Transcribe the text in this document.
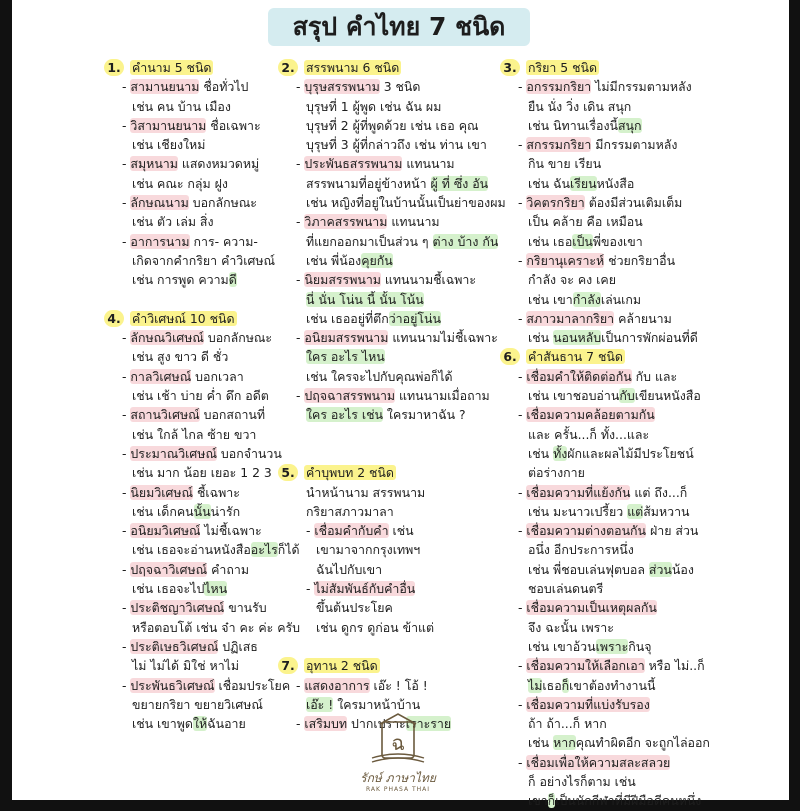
สรุป คำไทย 7 ชนิด
1. คำนาม 5 ชนิด
- สามานยนาม ชื่อทั่วไป
เช่น คน บ้าน เมือง
- วิสามานยนาม ชื่อเฉพาะ
เช่น เชียงใหม่
- สมุหนาม แสดงหมวดหมู่
เช่น คณะ กลุ่ม ฝูง
- ลักษณนาม บอกลักษณะ
เช่น ตัว เล่ม สิ่ง
- อาการนาม การ- ความ-
เกิดจากคำกริยา คำวิเศษณ์
เช่น การพูด ความดี
4. คำวิเศษณ์ 10 ชนิด
- ลักษณวิเศษณ์ บอกลักษณะ
เช่น สูง ขาว ดี ชั่ว
- กาลวิเศษณ์ บอกเวลา
เช่น เช้า บ่าย ค่ำ ดึก อดีต
- สถานวิเศษณ์ บอกสถานที่
เช่น ใกล้ ไกล ซ้าย ขวา
- ประมาณวิเศษณ์ บอกจำนวน
เช่น มาก น้อย เยอะ 1 2 3
- นิยมวิเศษณ์ ชี้เฉพาะ
เช่น เด็กคนนั้นน่ารัก
- อนิยมวิเศษณ์ ไม่ชี้เฉพาะ
เช่น เธอจะอ่านหนังสืออะไรก็ได้
- ปฤจฉาวิเศษณ์ คำถาม
เช่น เธอจะไปไหน
- ประติชญาวิเศษณ์ ขานรับ
หรือตอบโต้ เช่น จ๋า คะ ค่ะ ครับ
- ประติเษธวิเศษณ์ ปฏิเสธ
ไม่ ไม่ได้ มิใช่ หาไม่
- ประพันธวิเศษณ์ เชื่อมประโยค
ขยายกริยา ขยายวิเศษณ์
เช่น เขาพูดให้ฉันอาย
2. สรรพนาม 6 ชนิด
- บุรุษสรรพนาม 3 ชนิด
บุรุษที่ 1 ผู้พูด เช่น ฉัน ผม
บุรุษที่ 2 ผู้ที่พูดด้วย เช่น เธอ คุณ
บุรุษที่ 3 ผู้ที่กล่าวถึง เช่น ท่าน เขา
- ประพันธสรรพนาม แทนนาม
สรรพนามที่อยู่ข้างหน้า ผู้ ที่ ซึ่ง อัน
เช่น หญิงที่อยู่ในบ้านนั้นเป็นย่าของผม
- วิภาคสรรพนาม แทนนาม
ที่แยกออกมาเป็นส่วน ๆ ต่าง บ้าง กัน
เช่น พี่น้องคุยกัน
- นิยมสรรพนาม แทนนามชี้เฉพาะ
นี่ นั่น โน่น นี้ นั้น โน้น
เช่น เธออยู่ที่ตึกว่าอยู่โน่น
- อนิยมสรรพนาม แทนนามไม่ชี้เฉพาะ
ใคร อะไร ไหน
เช่น ใครจะไปกับคุณพ่อก็ได้
- ปฤจฉาสรรพนาม แทนนามเมื่อถาม
ใคร อะไร เช่น ใครมาหาฉัน ?
5. คำบุพบท 2 ชนิด
นำหน้านาม สรรพนาม
กริยาสภาวมาลา
- เชื่อมคำกับคำ เช่น
เขามาจากกรุงเทพฯ
ฉันไปกับเขา
- ไม่สัมพันธ์กับคำอื่น
ขึ้นต้นประโยค
เช่น ดูกร ดูก่อน ข้าแต่
7. อุทาน 2 ชนิด
- แสดงอาการ เอ๊ะ ! โอ้ !
เอ๊ะ ! ใครมาหน้าบ้าน
- เสริมบท ปากเปราะเราะราย
3. กริยา 5 ชนิด
- อกรรมกริยา ไม่มีกรรมตามหลัง
ยืน นั่ง วิ่ง เดิน สนุก
เช่น นิทานเรื่องนี้สนุก
- สกรรมกริยา มีกรรมตามหลัง
กิน ขาย เรียน
เช่น ฉันเรียนหนังสือ
- วิคตรกริยา ต้องมีส่วนเติมเต็ม
เป็น คล้าย คือ เหมือน
เช่น เธอเป็นพี่ของเขา
- กริยานุเคราะห์ ช่วยกริยาอื่น
กำลัง จะ คง เคย
เช่น เขากำลังเล่นเกม
- สภาวมาลากริยา คล้ายนาม
เช่น นอนหลับเป็นการพักผ่อนที่ดี
6. คำสันธาน 7 ชนิด
- เชื่อมคำให้ติดต่อกัน กับ และ
เช่น เขาชอบอ่านกับเขียนหนังสือ
- เชื่อมความคล้อยตามกัน
และ ครั้น...ก็ ทั้ง...และ
เช่น ทั้งผักและผลไม้มีประโยชน์
ต่อร่างกาย
- เชื่อมความที่แย้งกัน แต่ ถึง...ก็
เช่น มะนาวเปรี้ยว แต่ส้มหวาน
- เชื่อมความต่างตอนกัน ฝ่าย ส่วน
อนึ่ง อีกประการหนึ่ง
เช่น พี่ชอบเล่นฟุตบอล ส่วนน้อง
ชอบเล่นดนตรี
- เชื่อมความเป็นเหตุผลกัน
จึง ฉะนั้น เพราะ
เช่น เขาอ้วนเพราะกินจุ
- เชื่อมความให้เลือกเอา หรือ ไม่..ก็
ไม่เธอก็เขาต้องทำงานนี้
- เชื่อมความที่แบ่งรับรอง
ถ้า ถ้า...ก็ หาก
เช่น หากคุณทำผิดอีก จะถูกไล่ออก
- เชื่อมเพื่อให้ความสละสลวย
ก็ อย่างไรก็ตาม เช่น
เขาก็เป็นนักกีฬาที่มีฝีมือดีคนหนึ่ง
ฉ
รักษ์ ภาษาไทย
RAK PHASA THAI
